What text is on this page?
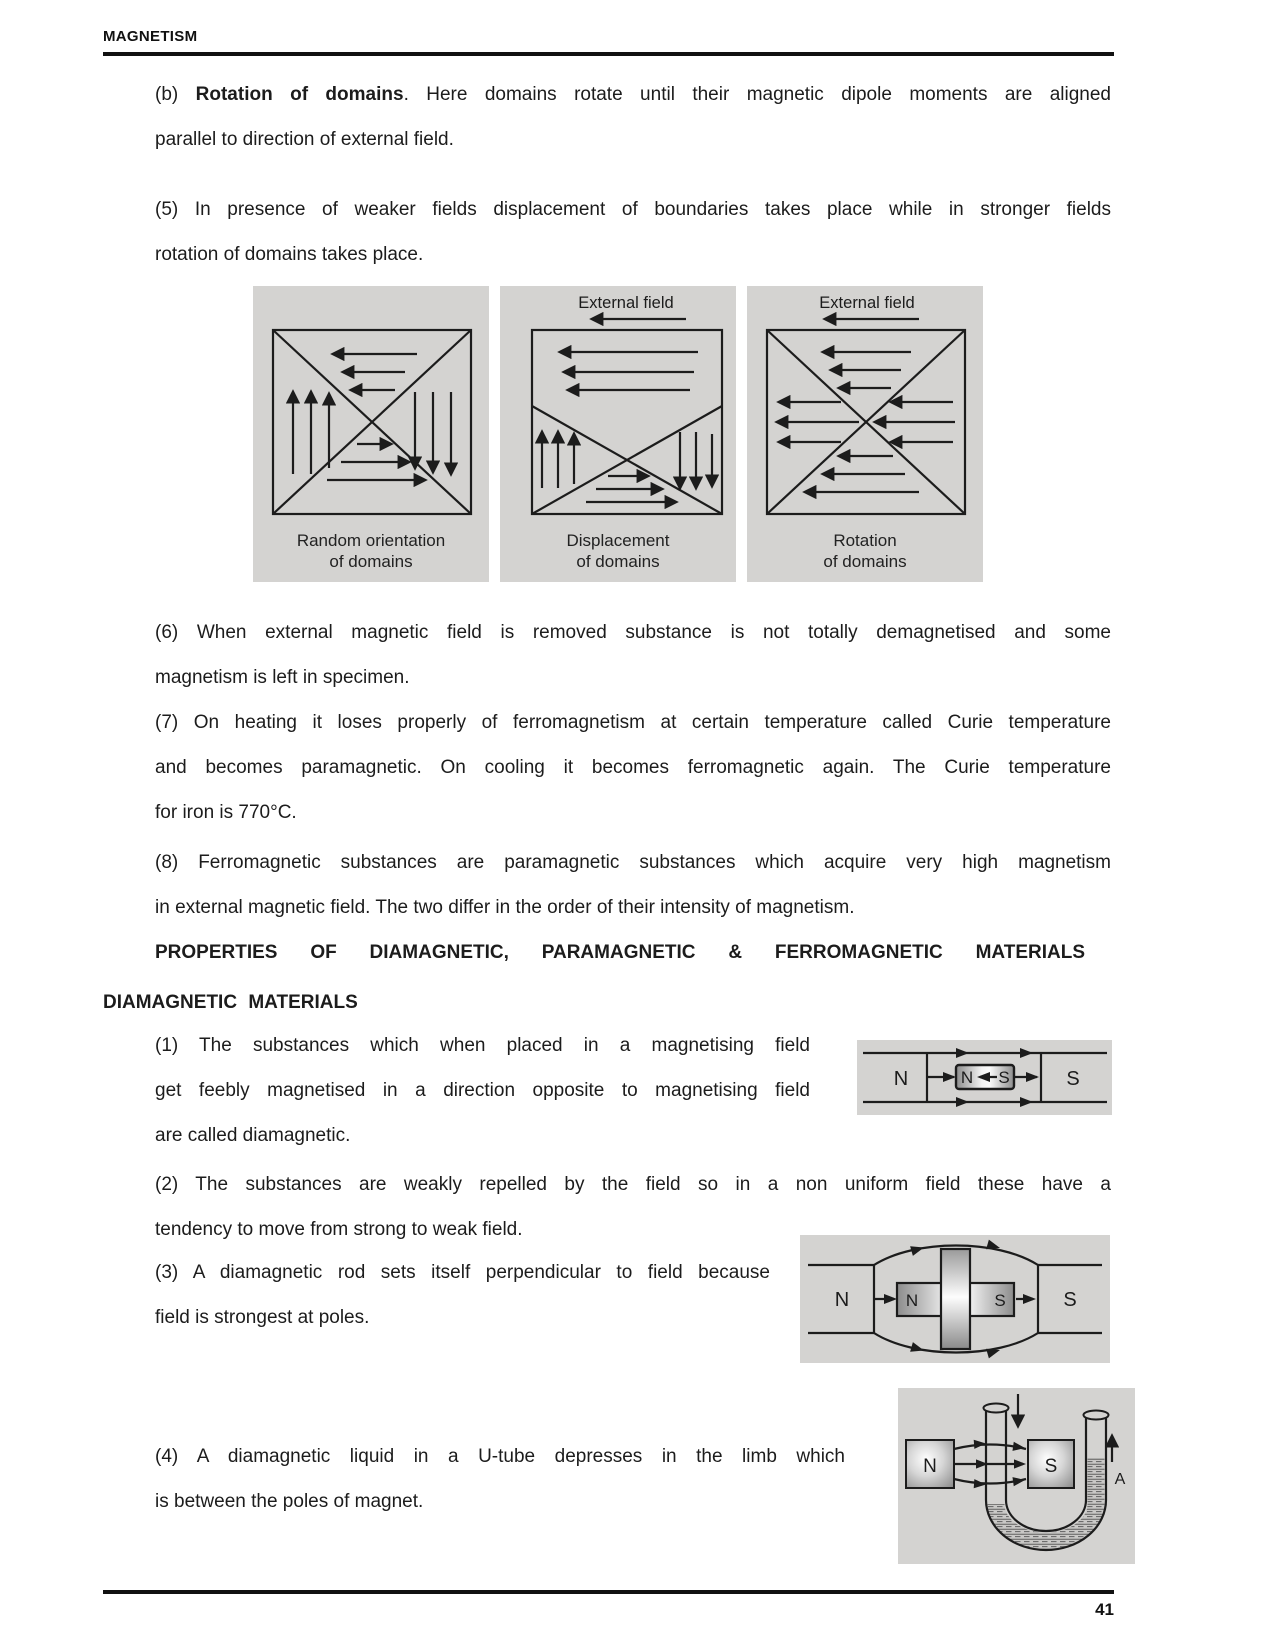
MAGNETISM
(b) Rotation of domains. Here domains rotate until their magnetic dipole moments are aligned
parallel to direction of external field.
(5) In presence of weaker fields displacement of boundaries takes place while in stronger fields
rotation of domains takes place.
Random orientation
of domains
External field
Displacement
of domains
External field
Rotation
of domains
(6) When external magnetic field is removed substance is not totally demagnetised and some
magnetism is left in specimen.
(7) On heating it loses properly of ferromagnetism at certain temperature called Curie temperature
and becomes paramagnetic. On cooling it becomes ferromagnetic again. The Curie temperature
for iron is 770°C.
(8) Ferromagnetic substances are paramagnetic substances which acquire very high magnetism
in external magnetic field. The two differ in the order of their intensity of magnetism.
PROPERTIES OF DIAMAGNETIC, PARAMAGNETIC & FERROMAGNETIC MATERIALS
DIAMAGNETIC MATERIALS
(1) The substances which when placed in a magnetising field
get feebly magnetised in a direction opposite to magnetising field
are called diamagnetic.
N	S
N S
(2) The substances are weakly repelled by the field so in a non uniform field these have a
tendency to move from strong to weak field.
(3) A diamagnetic rod sets itself perpendicular to field because
field is strongest at poles.
N	S
N	S
(4) A diamagnetic liquid in a U-tube depresses in the limb which
is between the poles of magnet.
N	S
A
41
